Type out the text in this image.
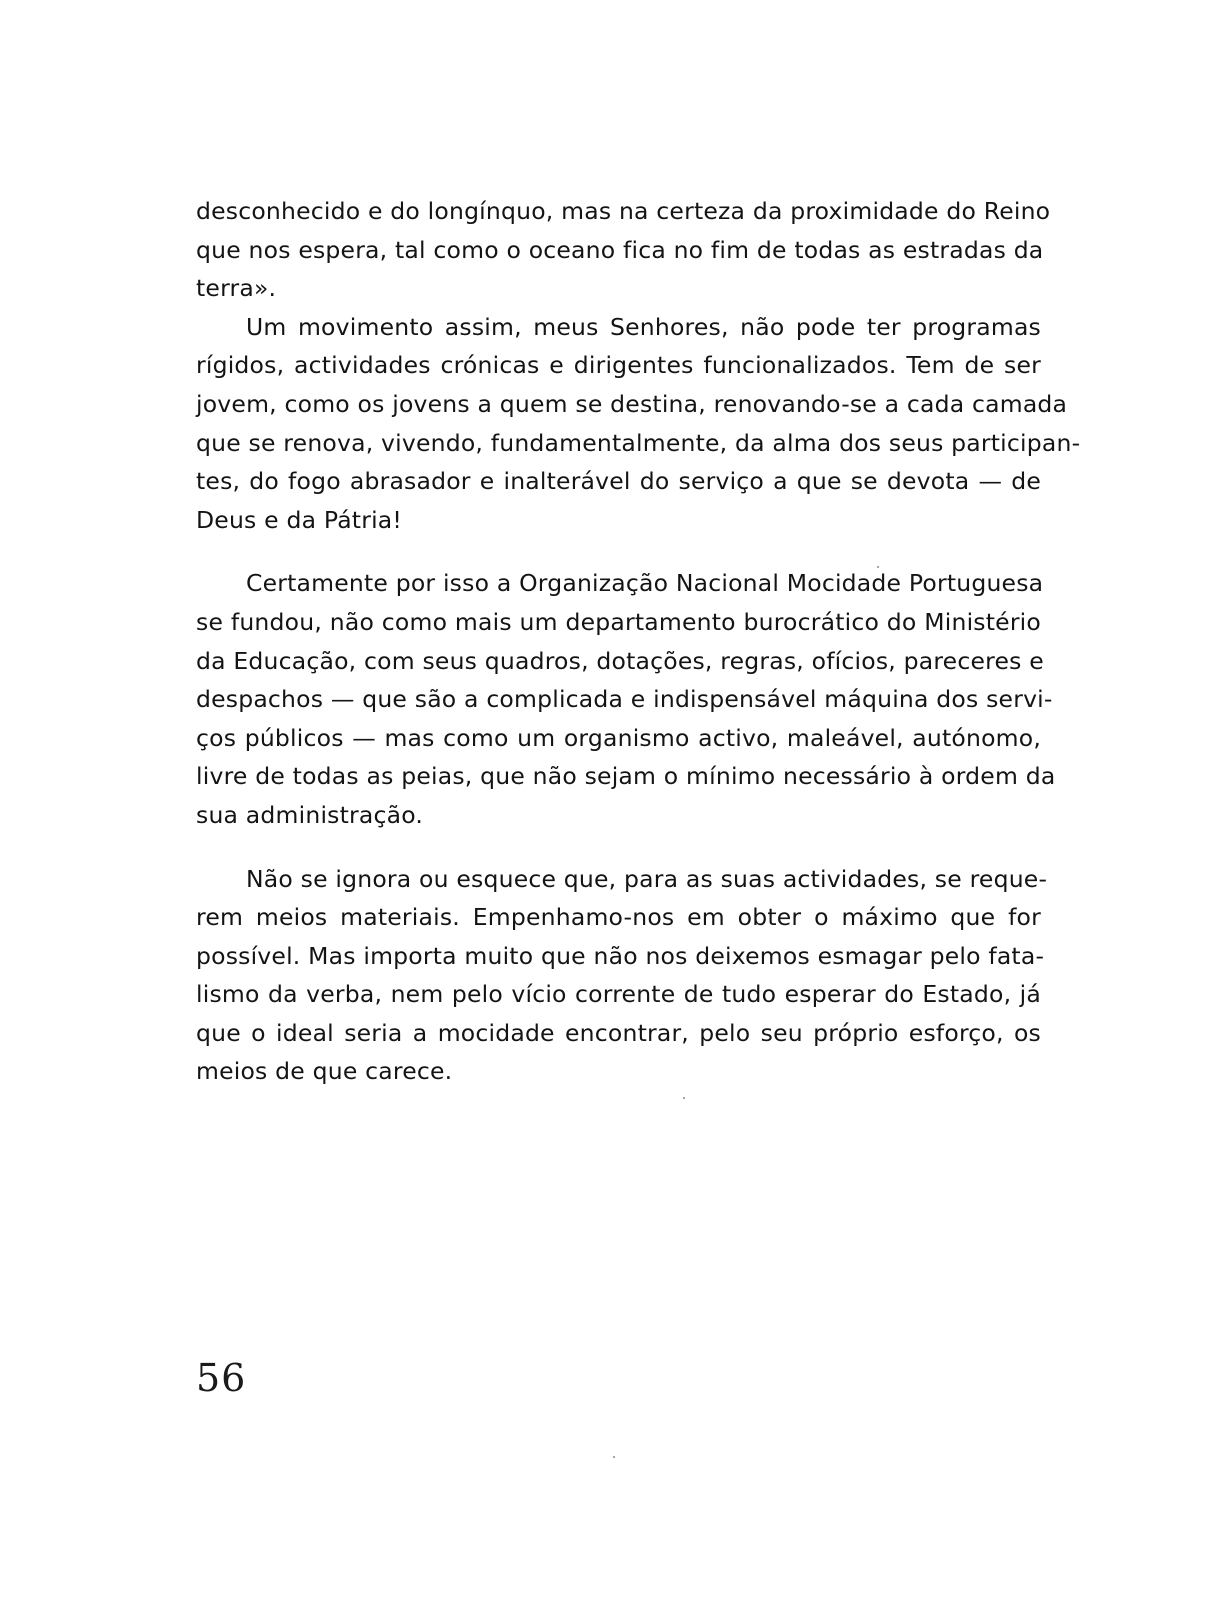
desconhecido e do longínquo, mas na certeza da proximidade do Reino
que nos espera, tal como o oceano fica no fim de todas as estradas da
terra».

Um movimento assim, meus Senhores, não pode ter programas
rígidos, actividades crónicas e dirigentes funcionalizados. Tem de ser
jovem, como os jovens a quem se destina, renovando-se a cada camada
que se renova, vivendo, fundamentalmente, da alma dos seus participan-
tes, do fogo abrasador e inalterável do serviço a que se devota — de
Deus e da Pátria!

Certamente por isso a Organização Nacional Mocidade Portuguesa
se fundou, não como mais um departamento burocrático do Ministério
da Educação, com seus quadros, dotações, regras, ofícios, pareceres e
despachos — que são a complicada e indispensável máquina dos servi-
ços públicos — mas como um organismo activo, maleável, autónomo,
livre de todas as peias, que não sejam o mínimo necessário à ordem da
sua administração.

Não se ignora ou esquece que, para as suas actividades, se reque-
rem meios materiais. Empenhamo-nos em obter o máximo que for
possível. Mas importa muito que não nos deixemos esmagar pelo fata-
lismo da verba, nem pelo vício corrente de tudo esperar do Estado, já
que o ideal seria a mocidade encontrar, pelo seu próprio esforço, os
meios de que carece.

56
